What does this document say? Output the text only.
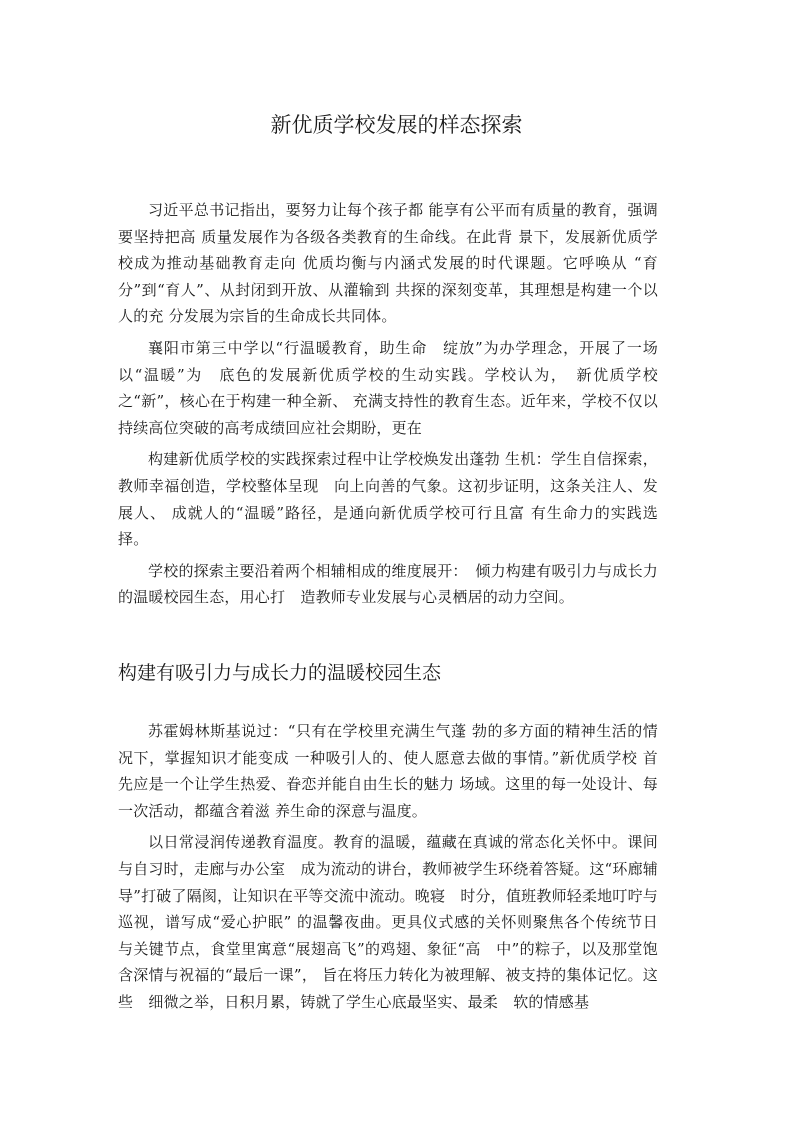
新优质学校发展的样态探索

习近平总书记指出，要努力让每个孩子都 能享有公平而有质量的教育，强调要坚持把高 质量发展作为各级各类教育的生命线。在此背 景下，发展新优质学校成为推动基础教育走向 优质均衡与内涵式发展的时代课题。它呼唤从 “育分”到“育人”、从封闭到开放、从灌输到 共探的深刻变革，其理想是构建一个以人的充 分发展为宗旨的生命成长共同体。

襄阳市第三中学以“行温暖教育，助生命　绽放”为办学理念，开展了一场以“温暖”为　底色的发展新优质学校的生动实践。学校认为，　新优质学校之“新”，核心在于构建一种全新、 充满支持性的教育生态。近年来，学校不仅以 持续高位突破的高考成绩回应社会期盼，更在

构建新优质学校的实践探索过程中让学校焕发出蓬勃 生机：学生自信探索，教师幸福创造，学校整体呈现　向上向善的气象。这初步证明，这条关注人、发展人、 成就人的“温暖”路径，是通向新优质学校可行且富 有生命力的实践选择。

学校的探索主要沿着两个相辅相成的维度展开：　倾力构建有吸引力与成长力的温暖校园生态，用心打　造教师专业发展与心灵栖居的动力空间。

构建有吸引力与成长力的温暖校园生态

苏霍姆林斯基说过：“只有在学校里充满生气蓬 勃的多方面的精神生活的情况下，掌握知识才能变成 一种吸引人的、使人愿意去做的事情。”新优质学校 首先应是一个让学生热爱、眷恋并能自由生长的魅力 场域。这里的每一处设计、每一次活动，都蕴含着滋 养生命的深意与温度。

以日常浸润传递教育温度。教育的温暖，蕴藏在真诚的常态化关怀中。课间与自习时，走廊与办公室　成为流动的讲台，教师被学生环绕着答疑。这“环廊辅导”打破了隔阂，让知识在平等交流中流动。晚寝　时分，值班教师轻柔地叮咛与巡视，谱写成“爱心护眠” 的温馨夜曲。更具仪式感的关怀则聚焦各个传统节日　与关键节点，食堂里寓意“展翅高飞”的鸡翅、象征“高　中”的粽子，以及那堂饱含深情与祝福的“最后一课”， 旨在将压力转化为被理解、被支持的集体记忆。这些　细微之举，日积月累，铸就了学生心底最坚实、最柔　软的情感基
